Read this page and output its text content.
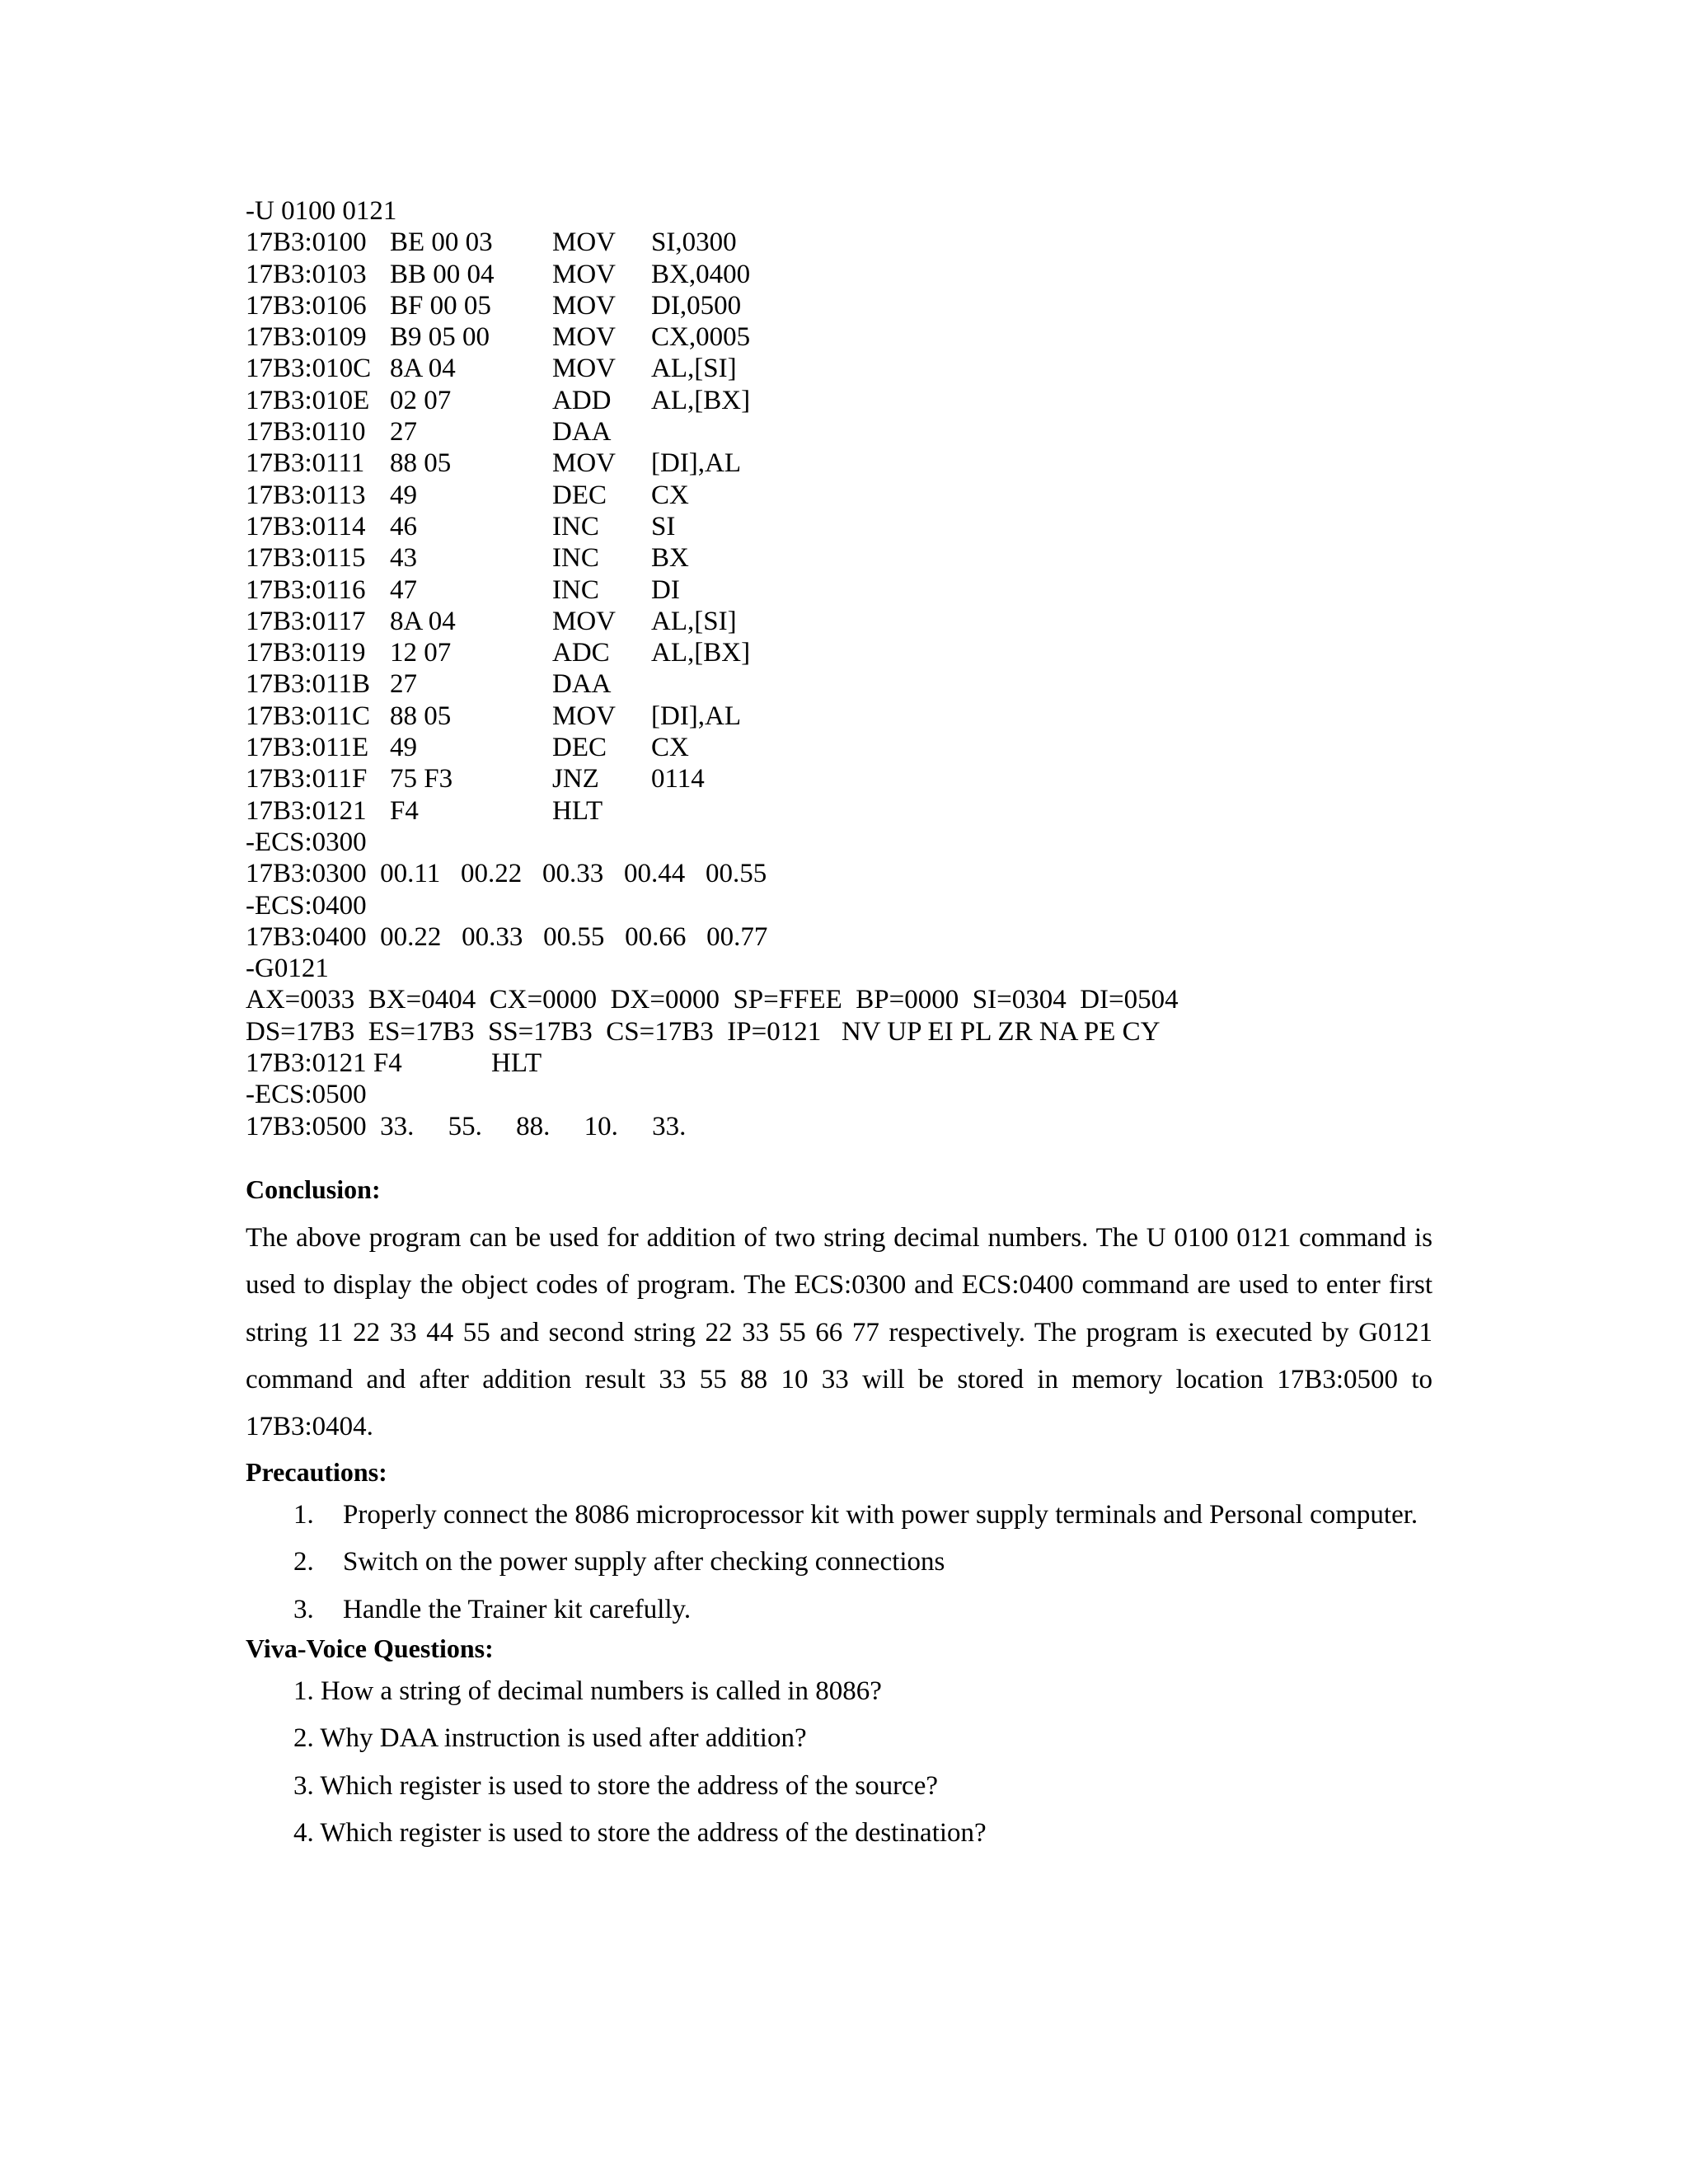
-U 0100 0121
17B3:0100 BE 00 03 MOV SI,0300
17B3:0103 BB 00 04 MOV BX,0400
17B3:0106 BF 00 05 MOV DI,0500
17B3:0109 B9 05 00 MOV CX,0005
17B3:010C 8A 04	MOV AL,[SI]
17B3:010E 02 07	ADD AL,[BX]
17B3:0110 27	DAA
17B3:0111 88 05	MOV [DI],AL
17B3:0113 49	DEC CX
17B3:0114 46	INC SI
17B3:0115 43	INC BX
17B3:0116 47	INC DI
17B3:0117 8A 04	MOV AL,[SI]
17B3:0119 12 07	ADC AL,[BX]
17B3:011B 27	DAA
17B3:011C 88 05	MOV [DI],AL
17B3:011E 49	DEC CX
17B3:011F 75 F3	JNZ 0114
17B3:0121 F4	HLT
-ECS:0300
17B3:0300  00.11   00.22   00.33   00.44   00.55
-ECS:0400
17B3:0400  00.22   00.33   00.55   00.66   00.77
-G0121
AX=0033  BX=0404  CX=0000  DX=0000  SP=FFEE  BP=0000  SI=0304  DI=0504
DS=17B3  ES=17B3  SS=17B3  CS=17B3  IP=0121   NV UP EI PL ZR NA PE CY
17B3:0121 F4	HLT
-ECS:0500
17B3:0500  33.     55.     88.     10.     33.
Conclusion:
The above program can be used for addition of two string decimal numbers. The U 0100 0121 command is used to display the object codes of program. The ECS:0300 and ECS:0400 command are used to enter first string 11 22 33 44 55 and second string 22 33 55 66 77 respectively. The program is executed by G0121 command and after addition result 33 55 88 10 33 will be stored in memory location 17B3:0500 to 17B3:0404.
Precautions:
1. Properly connect the 8086 microprocessor kit with power supply terminals and Personal computer.
2. Switch on the power supply after checking connections
3. Handle the Trainer kit carefully.
Viva-Voice Questions:
1. How a string of decimal numbers is called in 8086?
2. Why DAA instruction is used after addition?
3. Which register is used to store the address of the source?
4. Which register is used to store the address of the destination?
